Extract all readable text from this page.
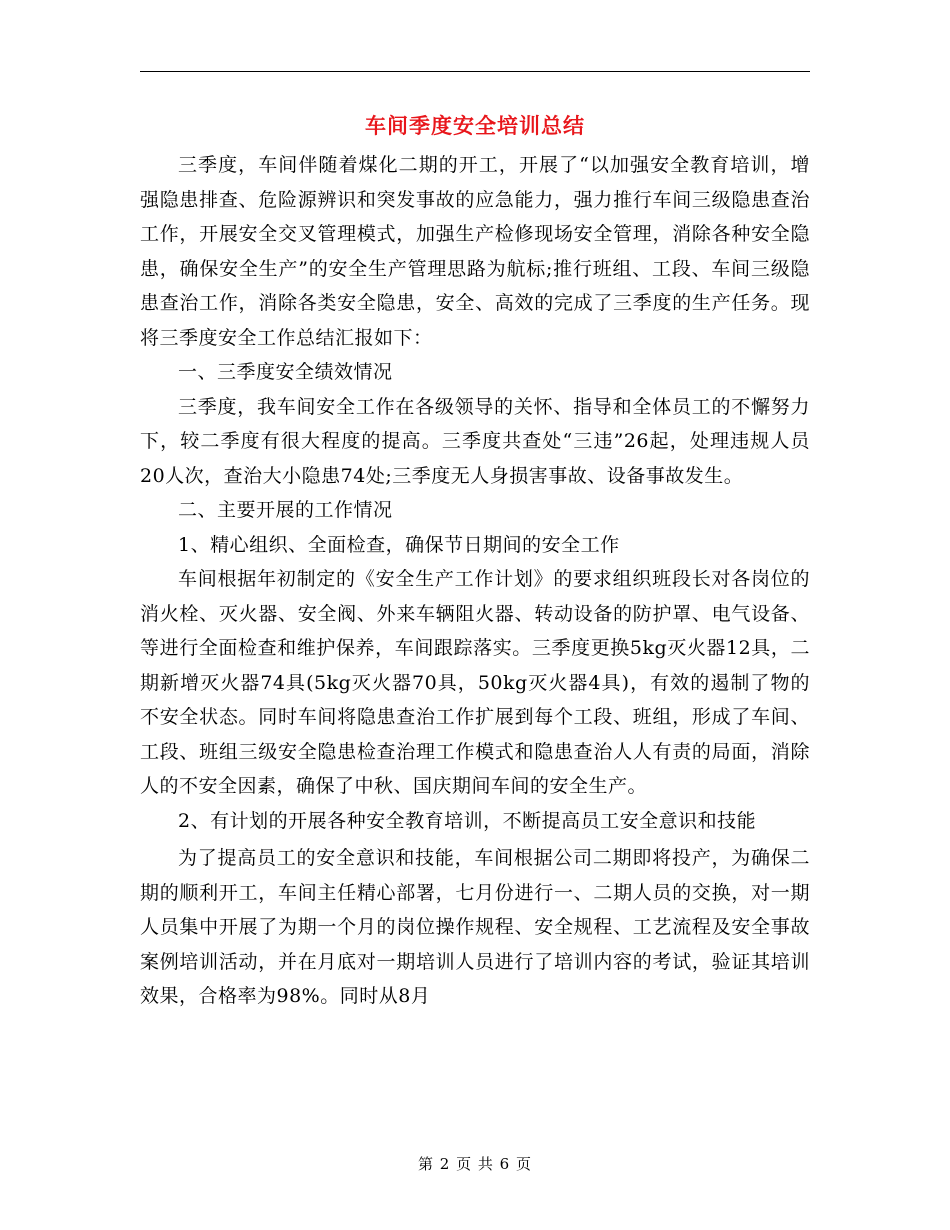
车间季度安全培训总结

三季度，车间伴随着煤化二期的开工，开展了“以加强安全教育培训，增强隐患排查、危险源辨识和突发事故的应急能力，强力推行车间三级隐患查治工作，开展安全交叉管理模式，加强生产检修现场安全管理，消除各种安全隐患，确保安全生产”的安全生产管理思路为航标;推行班组、工段、车间三级隐患查治工作，消除各类安全隐患，安全、高效的完成了三季度的生产任务。现将三季度安全工作总结汇报如下：

一、三季度安全绩效情况

三季度，我车间安全工作在各级领导的关怀、指导和全体员工的不懈努力下，较二季度有很大程度的提高。三季度共查处“三违”26起，处理违规人员20人次，查治大小隐患74处;三季度无人身损害事故、设备事故发生。

二、主要开展的工作情况

1、精心组织、全面检查，确保节日期间的安全工作

车间根据年初制定的《安全生产工作计划》的要求组织班段长对各岗位的消火栓、灭火器、安全阀、外来车辆阻火器、转动设备的防护罩、电气设备、等进行全面检查和维护保养，车间跟踪落实。三季度更换5kg灭火器12具，二期新增灭火器74具(5kg灭火器70具，50kg灭火器4具)，有效的遏制了物的不安全状态。同时车间将隐患查治工作扩展到每个工段、班组，形成了车间、工段、班组三级安全隐患检查治理工作模式和隐患查治人人有责的局面，消除人的不安全因素，确保了中秋、国庆期间车间的安全生产。

2、有计划的开展各种安全教育培训，不断提高员工安全意识和技能

为了提高员工的安全意识和技能，车间根据公司二期即将投产，为确保二期的顺利开工，车间主任精心部署，七月份进行一、二期人员的交换，对一期人员集中开展了为期一个月的岗位操作规程、安全规程、工艺流程及安全事故案例培训活动，并在月底对一期培训人员进行了培训内容的考试，验证其培训效果，合格率为98%。同时从8月

第 2 页 共 6 页
